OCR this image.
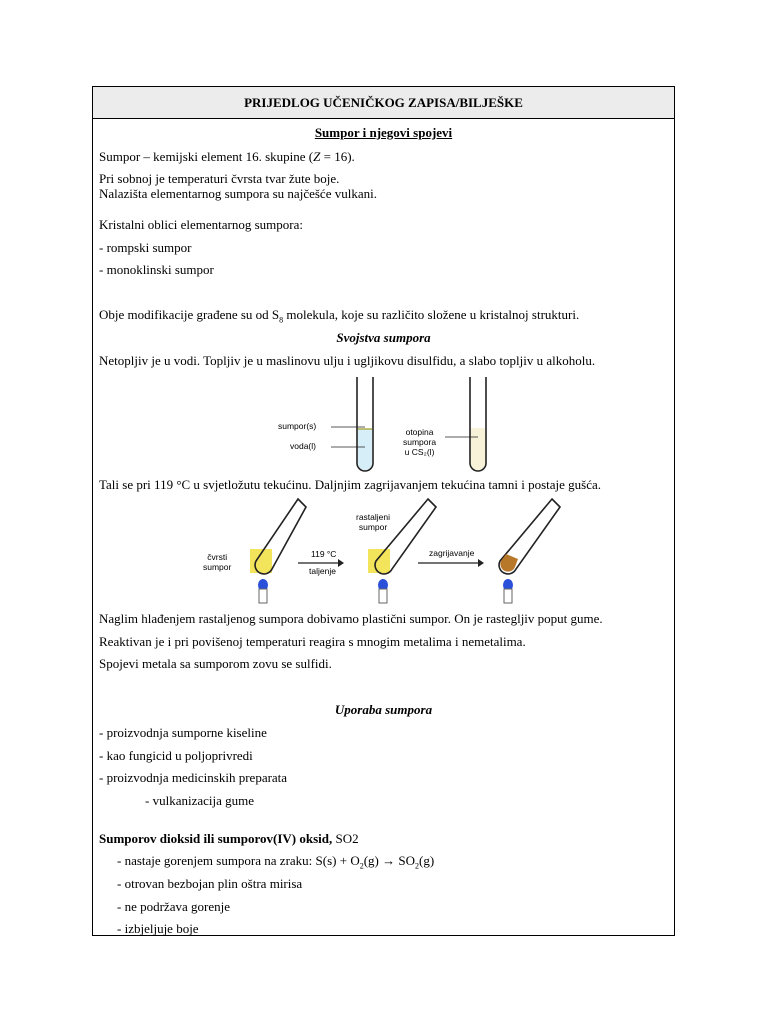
PRIJEDLOG UČENIČKOG ZAPISA/BILJEŠKE
Sumpor i njegovi spojevi
Sumpor – kemijski element 16. skupine (Z = 16).
Pri sobnoj je temperaturi čvrsta tvar žute boje.
Nalazišta elementarnog sumpora su najčešće vulkani.
Kristalni oblici elementarnog sumpora:
- rompski sumpor
- monoklinski sumpor
Obje modifikacije građene su od $S_8$ molekula, koje su različito složene u kristalnoj strukturi.
Svojstva sumpora
Netopljiv je u vodi. Topljiv je u maslinovu ulju i ugljikovu disulfidu, a slabo topljiv u alkoholu.
sumpor(s)
voda(l)
otopina
sumpora
u CS₂(l)
Tali se pri 119 °C u svjetložutu tekućinu. Daljnjim zagrijavanjem tekućina tamni i postaje gušća.
čvrsti
sumpor
119 °C
taljenje
rastaljeni
sumpor
zagrijavanje
Naglim hlađenjem rastaljenog sumpora dobivamo plastični sumpor. On je rastegljiv poput gume.
Reaktivan je i pri povišenoj temperaturi reagira s mnogim metalima i nemetalima.
Spojevi metala sa sumporom zovu se sulfidi.
Uporaba sumpora
- proizvodnja sumporne kiseline
- kao fungicid u poljoprivredi
- proizvodnja medicinskih preparata
- vulkanizacija gume
Sumporov dioksid ili sumporov(IV) oksid, SO2
- nastaje gorenjem sumpora na zraku: $S(s) + O_2(g) \to SO_2(g)$
- otrovan bezbojan plin oštra mirisa
- ne podržava gorenje
- izbjeljuje boje
